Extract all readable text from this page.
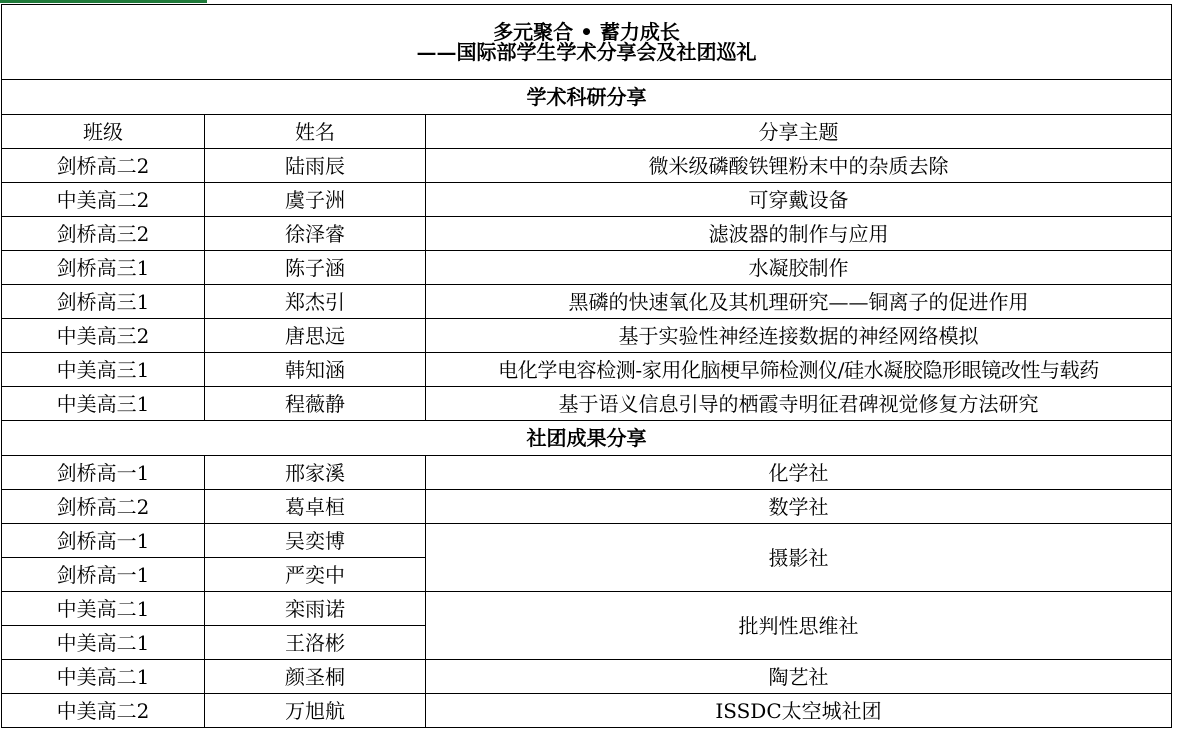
多元聚合 • 蓄力成长
——国际部学生学术分享会及社团巡礼		

学术科研分享		
班级	姓名	分享主题
剑桥高二2	陆雨辰	微米级磷酸铁锂粉末中的杂质去除
中美高二2	虞子洲	可穿戴设备
剑桥高三2	徐泽睿	滤波器的制作与应用
剑桥高三1	陈子涵	水凝胶制作
剑桥高三1	郑杰引	黑磷的快速氧化及其机理研究——铜离子的促进作用
中美高三2	唐思远	基于实验性神经连接数据的神经网络模拟
中美高三1	韩知涵	电化学电容检测-家用化脑梗早筛检测仪/硅水凝胶隐形眼镜改性与载药
中美高三1	程薇静	基于语义信息引导的栖霞寺明征君碑视觉修复方法研究
社团成果分享		
剑桥高一1	邢家溪	化学社
剑桥高二2	葛卓桓	数学社
剑桥高一1	吴奕博	摄影社
剑桥高一1	严奕中	
中美高二1	栾雨诺	批判性思维社
中美高二1	王洛彬	
中美高二1	颜圣桐	陶艺社
中美高二2	万旭航	ISSDC太空城社团
